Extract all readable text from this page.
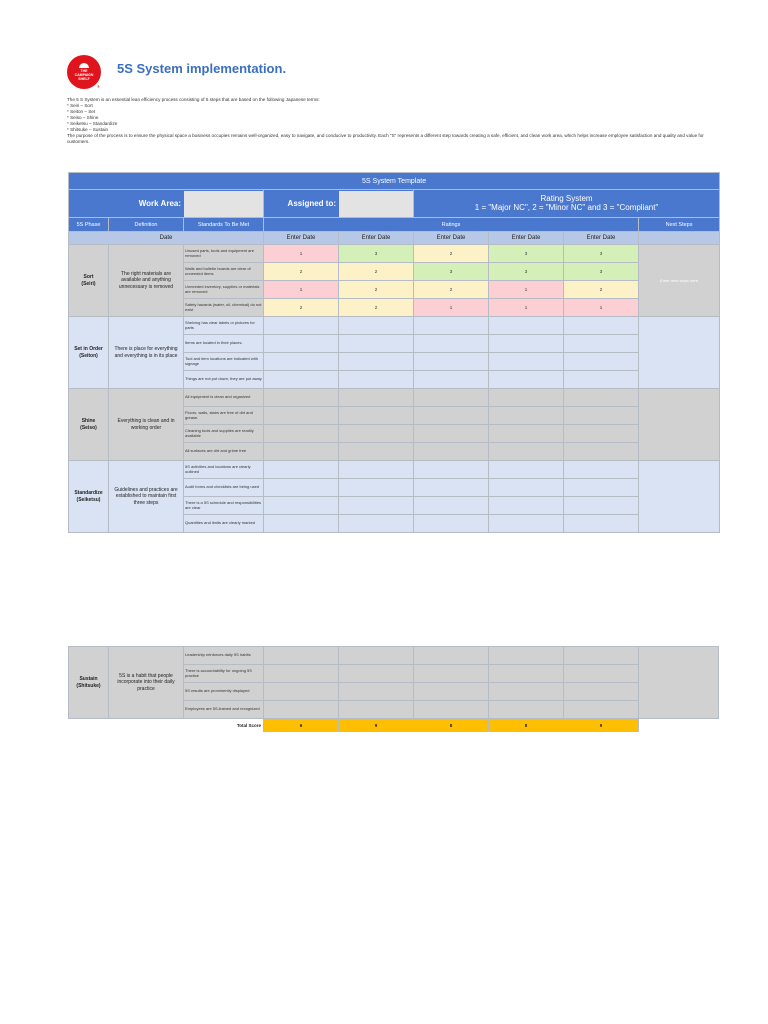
THE
CAMPAIGN
SHELF
®
5S System implementation.
The 5 S System is an essential lean efficiency process consisting of 5 steps that are based on the following Japanese terms:
* Seiri – Sort
* Seiton – Set
* Seiso – Shine
* Seiketsu – Standardize
* Shitsuke – Sustain
The purpose of the process is to ensure the physical space a business occupies remains well-organized, easy to navigate, and conducive to productivity. Each "S" represents a different step towards creating a safe, efficient, and clean work area, which helps increase employee satisfaction and quality and value for customers.
5S System Template								

Work Area:			Assigned to:		Rating System
1 = "Major NC", 2 = "Minor NC" and 3 = "Compliant"			

5S Phase	Definition	Standards To Be Met	Ratings					Next Steps
Date			Enter Date	Enter Date	Enter Date	Enter Date	Enter Date	

Sort
(Seiri)	The right materials are available and anything unnecessary is removed	Unused parts, tools and equipment are removed	1	3	2	3	3	Enter next steps here
		Walls and bulletin boards are clear of unneeded items	2	2	3	3	3	
		Unneeded inventory, supplies or materials are removed	1	2	2	1	2	
		Safety hazards (water, oil, chemical) do not exist	2	2	1	1	1	

Set in Order
(Seiton)	There is place for everything and everything is in its place	Shelving has clear labels or pictures for parts						
		Items are located in their places.						
		Tool and item locations are indicated with signage						
		Things are not put down, they are put away						

Shine
(Seiso)	Everything is clean and in working order	All equipment is clean and organized						
		Floors, walls, stairs are free of dirt and grease.						
		Cleaning tools and supplies are readily available						
		All surfaces are dirt and grime free						

Standardize
(Seiketsu)	Guidelines and practices are established to maintain first three steps	5S activities and locations are clearly outlined						
		Audit forms and checklists are being used						
		There is a 5S schedule and responsibilities are clear						
		Quantities and limits are clearly marked						
Sustain
(Shitsuke)	5S is a habit that people incorporate into their daily practice	Leadership reinforces daily 5S habits						
		There is accountability for ongoing 5S practice						
		5S results are prominently displayed						
		Employees are 5S-trained and recognized						
Total Score			6	9	8	8	9	
